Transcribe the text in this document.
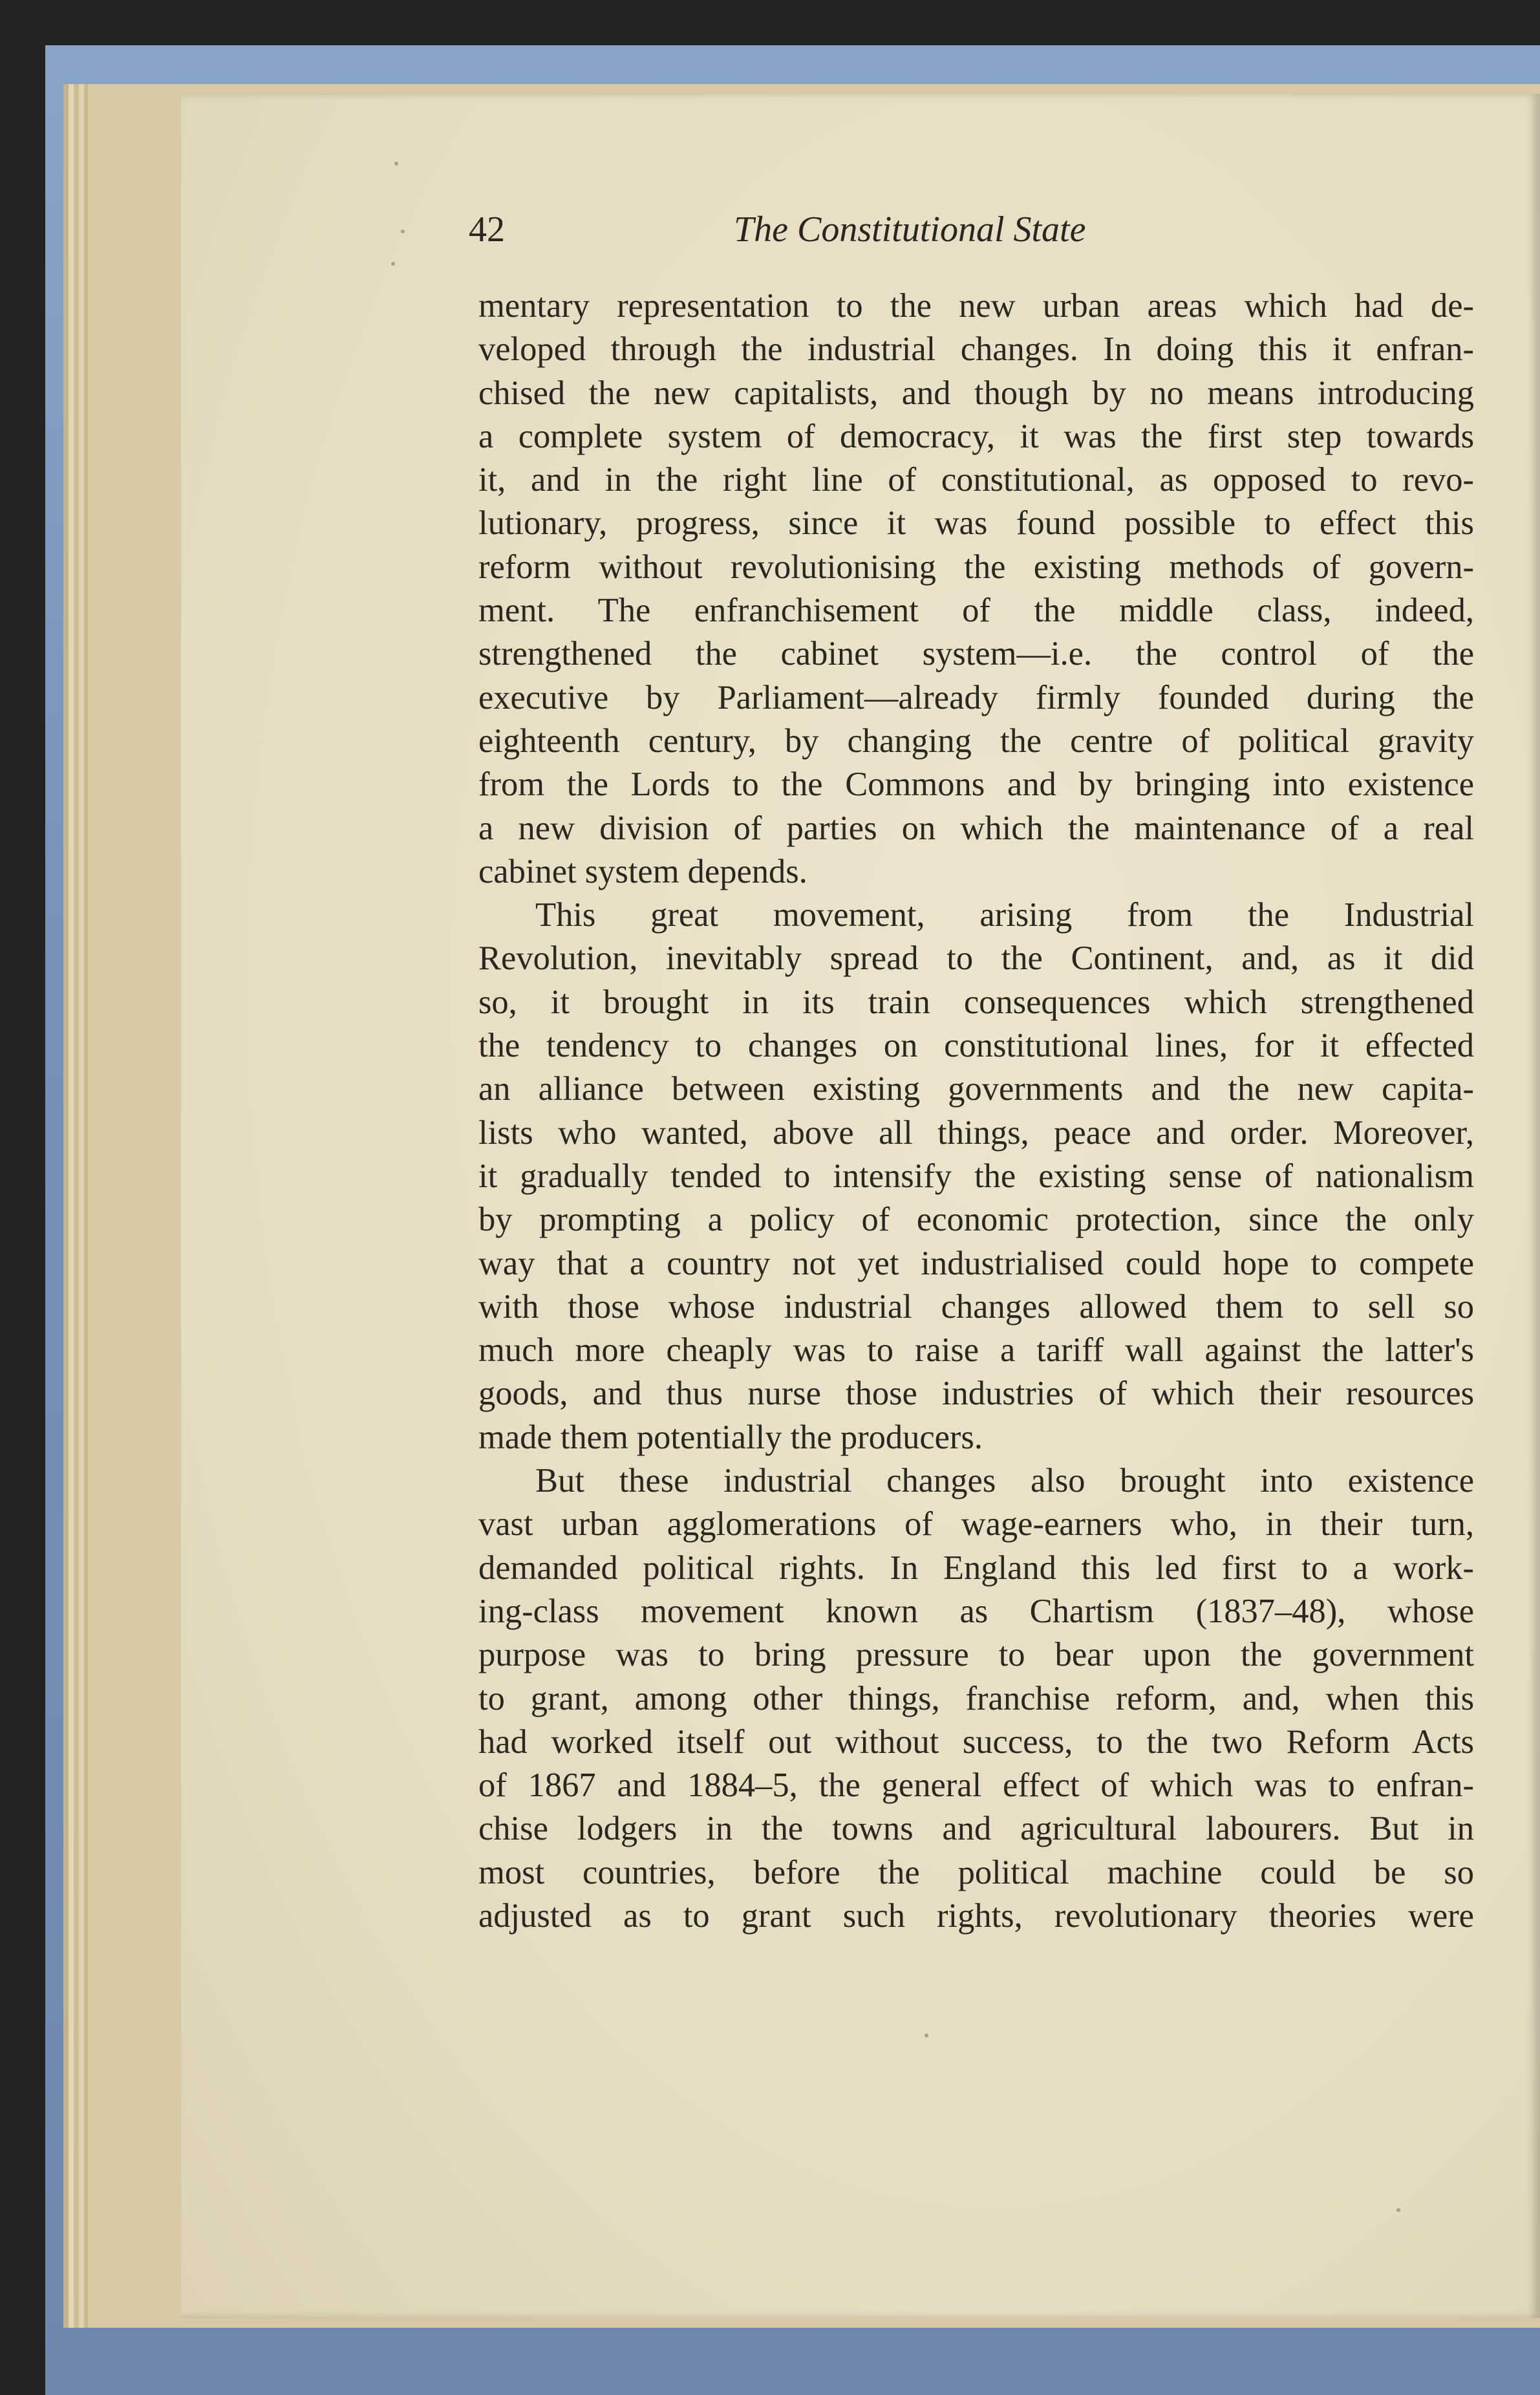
42	The Constitutional State
mentary representation to the new urban areas which had de-
veloped through the industrial changes. In doing this it enfran-
chised the new capitalists, and though by no means introducing
a complete system of democracy, it was the first step towards
it, and in the right line of constitutional, as opposed to revo-
lutionary, progress, since it was found possible to effect this
reform without revolutionising the existing methods of govern-
ment. The enfranchisement of the middle class, indeed,
strengthened the cabinet system—i.e. the control of the
executive by Parliament—already firmly founded during the
eighteenth century, by changing the centre of political gravity
from the Lords to the Commons and by bringing into existence
a new division of parties on which the maintenance of a real
cabinet system depends.
This great movement, arising from the Industrial
Revolution, inevitably spread to the Continent, and, as it did
so, it brought in its train consequences which strengthened
the tendency to changes on constitutional lines, for it effected
an alliance between existing governments and the new capita-
lists who wanted, above all things, peace and order. Moreover,
it gradually tended to intensify the existing sense of nationalism
by prompting a policy of economic protection, since the only
way that a country not yet industrialised could hope to compete
with those whose industrial changes allowed them to sell so
much more cheaply was to raise a tariff wall against the latter's
goods, and thus nurse those industries of which their resources
made them potentially the producers.
But these industrial changes also brought into existence
vast urban agglomerations of wage-earners who, in their turn,
demanded political rights. In England this led first to a work-
ing-class movement known as Chartism (1837–48), whose
purpose was to bring pressure to bear upon the government
to grant, among other things, franchise reform, and, when this
had worked itself out without success, to the two Reform Acts
of 1867 and 1884–5, the general effect of which was to enfran-
chise lodgers in the towns and agricultural labourers. But in
most countries, before the political machine could be so
adjusted as to grant such rights, revolutionary theories were
